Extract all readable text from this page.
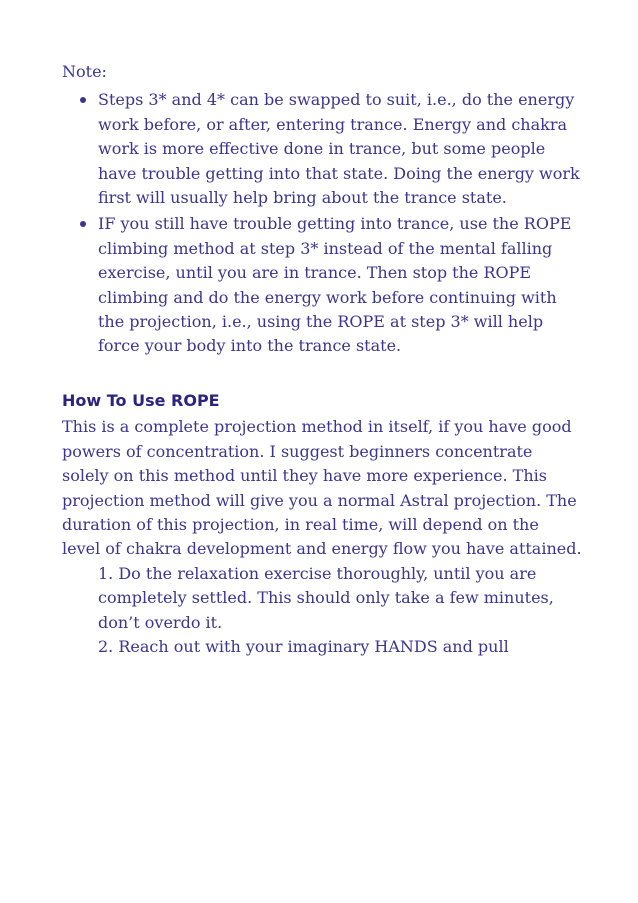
Note:

Steps 3* and 4* can be swapped to suit, i.e., do the energy work before, or after, entering trance. Energy and chakra work is more effective done in trance, but some people have trouble getting into that state. Doing the energy work first will usually help bring about the trance state.
IF you still have trouble getting into trance, use the ROPE climbing method at step 3* instead of the mental falling exercise, until you are in trance. Then stop the ROPE climbing and do the energy work before continuing with the projection, i.e., using the ROPE at step 3* will help force your body into the trance state.
How To Use ROPE

This is a complete projection method in itself, if you have good powers of concentration. I suggest beginners concentrate solely on this method until they have more experience. This projection method will give you a normal Astral projection. The duration of this projection, in real time, will depend on the level of chakra development and energy flow you have attained.

1. Do the relaxation exercise thoroughly, until you are completely settled. This should only take a few minutes, don’t overdo it.
2. Reach out with your imaginary HANDS and pull
